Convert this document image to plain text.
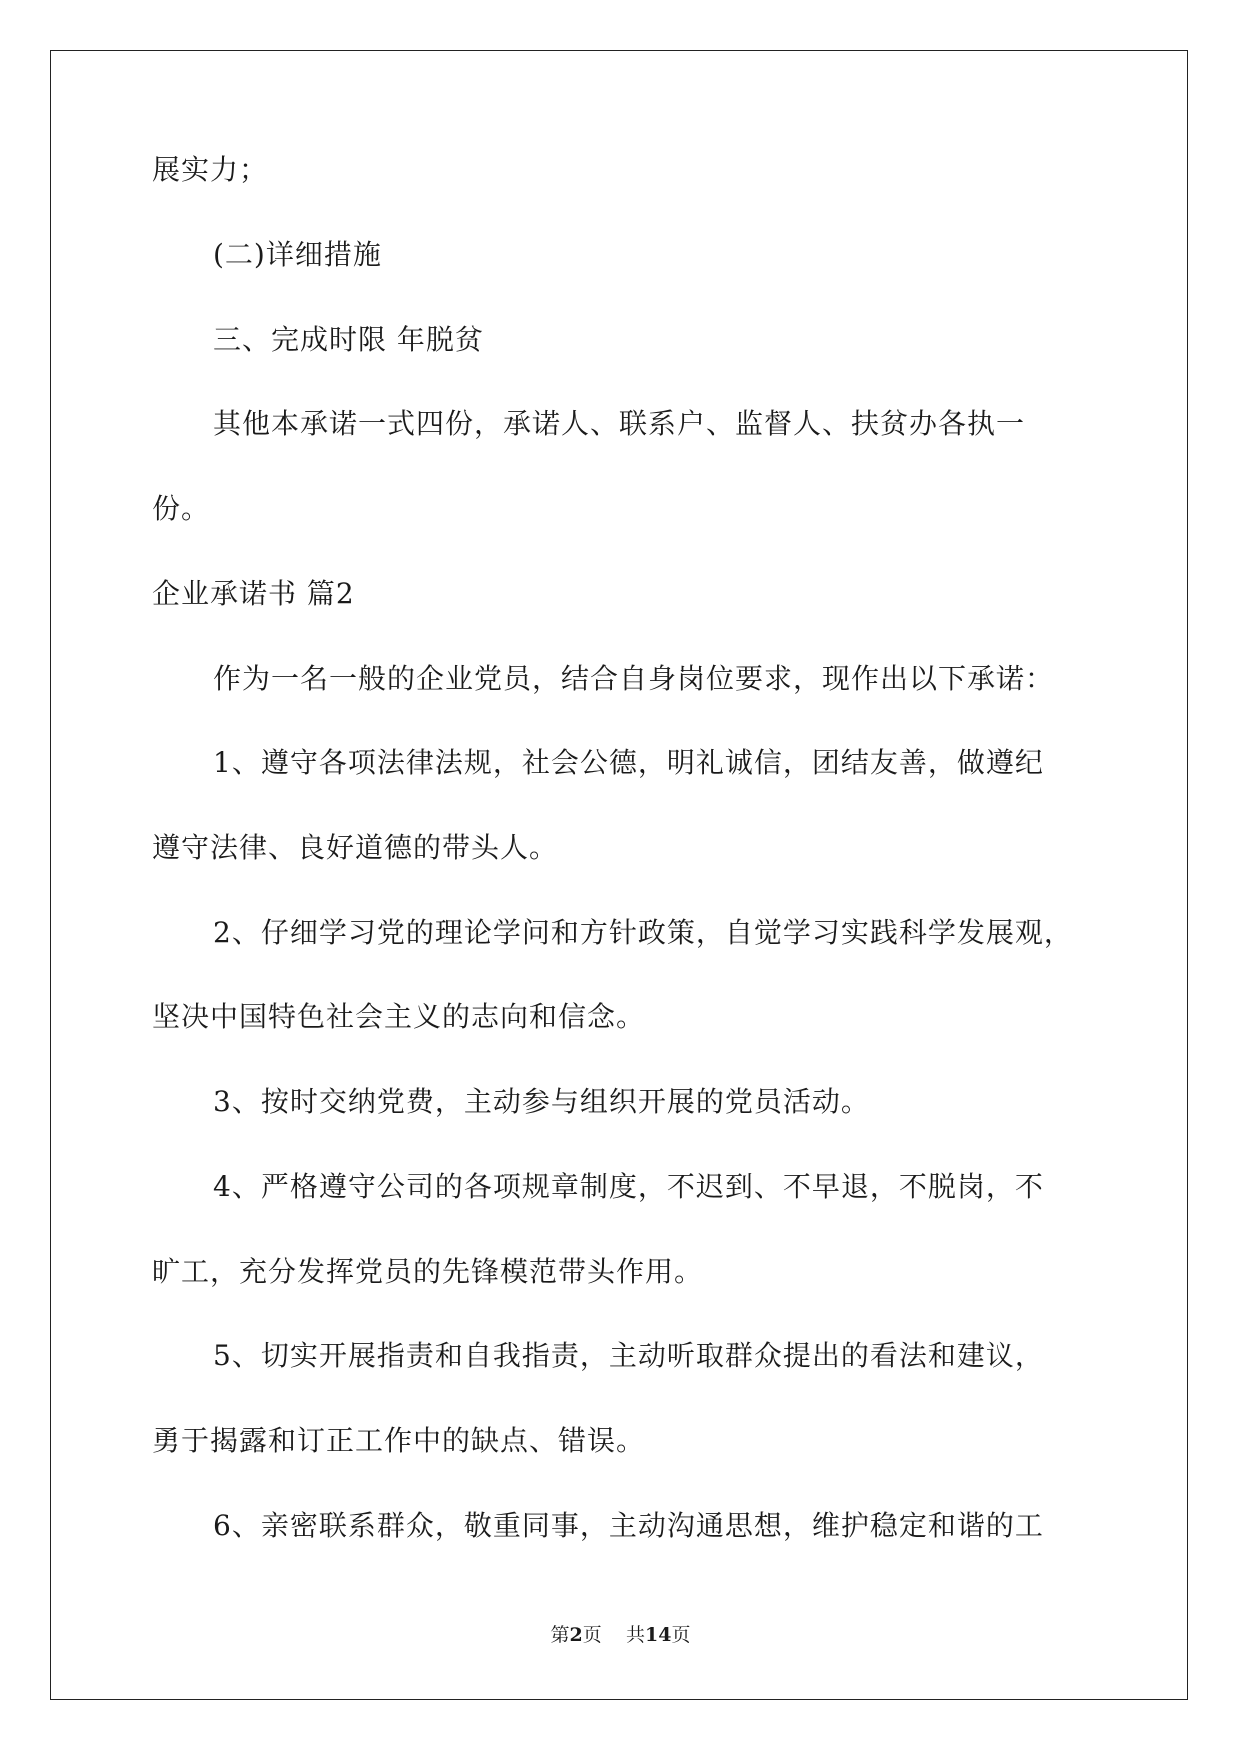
展实力；
(二)详细措施
三、完成时限 年脱贫
其他本承诺一式四份，承诺人、联系户、监督人、扶贫办各执一
份。
企业承诺书 篇2
作为一名一般的企业党员，结合自身岗位要求，现作出以下承诺：
1、遵守各项法律法规，社会公德，明礼诚信，团结友善，做遵纪
遵守法律、良好道德的带头人。
2、仔细学习党的理论学问和方针政策，自觉学习实践科学发展观，
坚决中国特色社会主义的志向和信念。
3、按时交纳党费，主动参与组织开展的党员活动。
4、严格遵守公司的各项规章制度，不迟到、不早退，不脱岗，不
旷工，充分发挥党员的先锋模范带头作用。
5、切实开展指责和自我指责，主动听取群众提出的看法和建议，
勇于揭露和订正工作中的缺点、错误。
6、亲密联系群众，敬重同事，主动沟通思想，维护稳定和谐的工
第2页 共14页
